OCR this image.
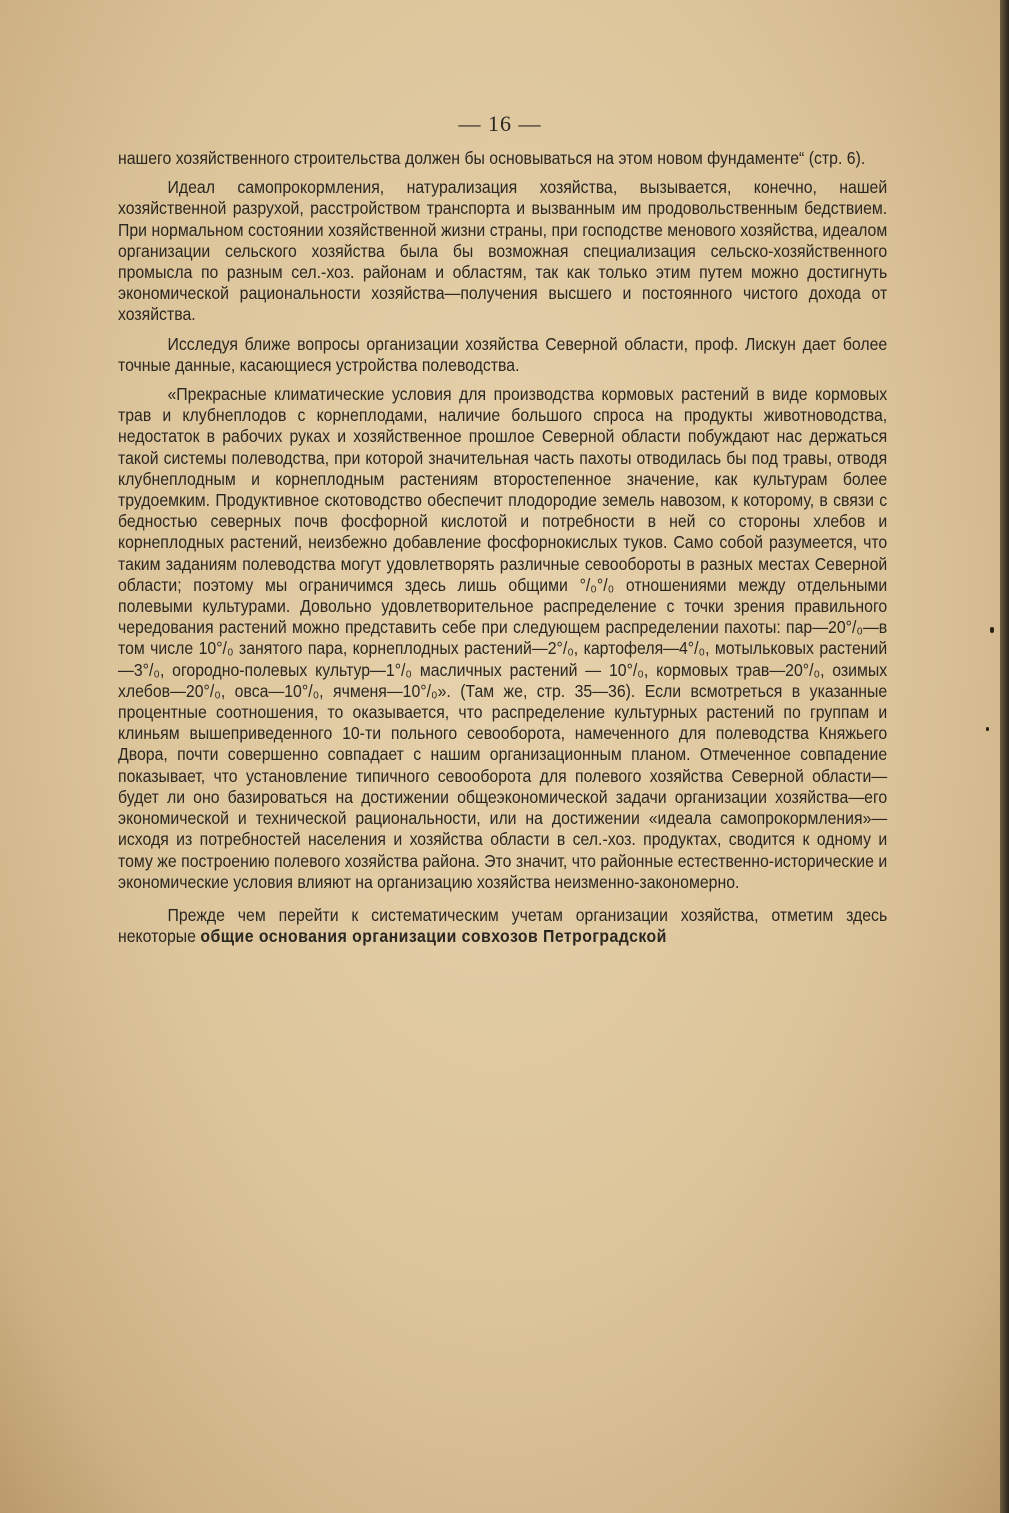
— 16 —

нашего хозяйственного строительства должен бы основываться на этом новом фундаменте“ (стр. 6).

Идеал самопрокормления, натурализация хозяйства, вызывается, конечно, нашей хозяйственной разрухой, расстройством транспорта и вызванным им продовольственным бедствием. При нормальном состоянии хозяйственной жизни страны, при господстве менового хозяйства, идеалом организации сельского хозяйства была бы возможная специализация сельско-хозяйственного промысла по разным сел.-хоз. районам и областям, так как только этим путем можно достигнуть экономической рациональности хозяйства—получения высшего и постоянного чистого дохода от хозяйства.

Исследуя ближе вопросы организации хозяйства Северной области, проф. Лискун дает более точные данные, касающиеся устройства полеводства.

«Прекрасные климатические условия для производства кормовых растений в виде кормовых трав и клубнеплодов с корнеплодами, наличие большого спроса на продукты животноводства, недостаток в рабочих руках и хозяйственное прошлое Северной области побуждают нас держаться такой системы полеводства, при которой значительная часть пахоты отводилась бы под травы, отводя клубнеплодным и корнеплодным растениям второстепенное значение, как культурам более трудоемким. Продуктивное скотоводство обеспечит плодородие земель навозом, к которому, в связи с бедностью северных почв фосфорной кислотой и потребности в ней со стороны хлебов и корнеплодных растений, неизбежно добавление фосфорнокислых туков. Само собой разумеется, что таким заданиям полеводства могут удовлетворять различные севообороты в разных местах Северной области; поэтому мы ограничимся здесь лишь общими °/₀°/₀ отношениями между отдельными полевыми культурами. Довольно удовлетворительное распределение с точки зрения правильного чередования растений можно представить себе при следующем распределении пахоты: пар—20°/₀—в том числе 10°/₀ занятого пара, корнеплодных растений—2°/₀, картофеля—4°/₀, мотыльковых растений—3°/₀, огородно-полевых культур—1°/₀ масличных растений — 10°/₀, кормовых трав—20°/₀, озимых хлебов—20°/₀, овса—10°/₀, ячменя—10°/₀». (Там же, стр. 35—36). Если всмотреться в указанные процентные соотношения, то оказывается, что распределение культурных растений по группам и клиньям вышеприведенного 10-ти польного севооборота, намеченного для полеводства Княжьего Двора, почти совершенно совпадает с нашим организационным планом. Отмеченное совпадение показывает, что установление типичного севооборота для полевого хозяйства Северной области—будет ли оно базироваться на достижении общеэкономической задачи организации хозяйства—его экономической и технической рациональности, или на достижении «идеала самопрокормления»—исходя из потребностей населения и хозяйства области в сел.-хоз. продуктах, сводится к одному и тому же построению полевого хозяйства района. Это значит, что районные естественно-исторические и экономические условия влияют на организацию хозяйства неизменно-закономерно.

Прежде чем перейти к систематическим учетам организации хозяйства, отметим здесь некоторые общие основания организации совхозов Петроградской
